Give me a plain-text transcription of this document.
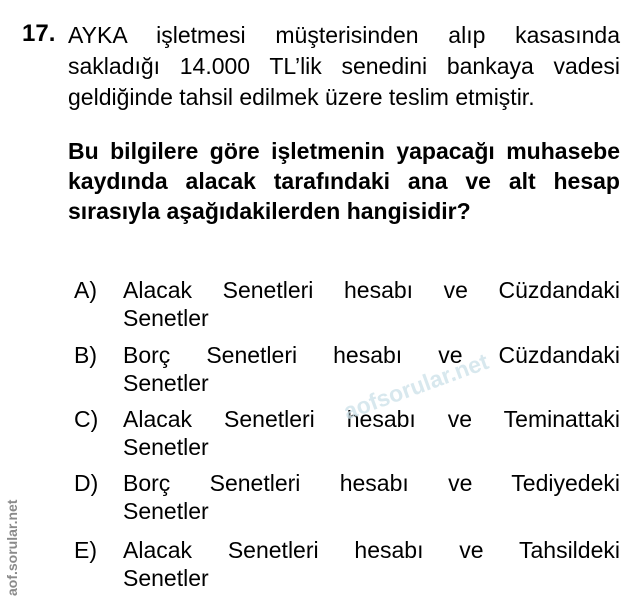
17. AYKA işletmesi müşterisinden alıp kasasında sakladığı 14.000 TL’lik senedini bankaya vadesi geldiğinde tahsil edilmek üzere teslim etmiştir.
Bu bilgilere göre işletmenin yapacağı muhasebe kaydında alacak tarafındaki ana ve alt hesap sırasıyla aşağıdakilerden hangisidir?
A)	Alacak Senetleri hesabı ve Cüzdandaki
Senetler
B)	Borç Senetleri hesabı ve Cüzdandaki
Senetler
C)	Alacak Senetleri hesabı ve Teminattaki
Senetler
D)	Borç Senetleri hesabı ve Tediyedeki
Senetler
E)	Alacak Senetleri hesabı ve Tahsildeki
Senetler
aofsorular.net
aof.sorular.net
